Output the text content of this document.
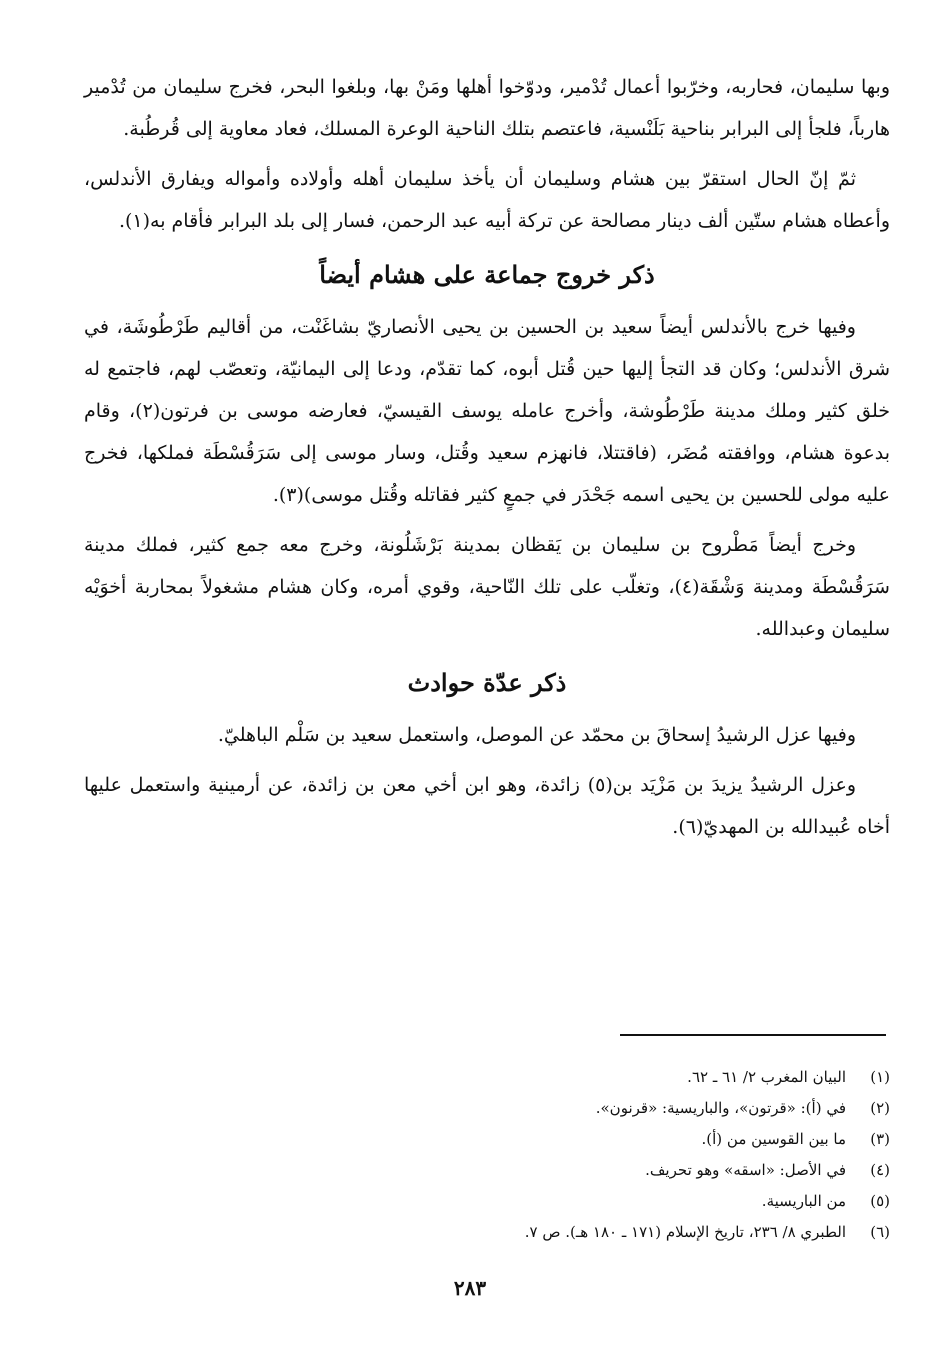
وبها سليمان، فحاربه، وخرّبوا أعمال تُدْمير، ودوّخوا أهلها ومَنْ بها، وبلغوا البحر، فخرج سليمان من تُدْمير هارباً، فلجأ إلى البرابر بناحية بَلَنْسية، فاعتصم بتلك الناحية الوعرة المسلك، فعاد معاوية إلى قُرطُبة.

ثمّ إنّ الحال استقرّ بين هشام وسليمان أن يأخذ سليمان أهله وأولاده وأمواله ويفارق الأندلس، وأعطاه هشام ستّين ألف دينار مصالحة عن تركة أبيه عبد الرحمن، فسار إلى بلد البرابر فأقام به(١).

ذكر خروج جماعة على هشام أيضاً

وفيها خرج بالأندلس أيضاً سعيد بن الحسين بن يحيى الأنصاريّ بشاغَنْت، من أقاليم طَرْطُوشَة، في شرق الأندلس؛ وكان قد التجأ إليها حين قُتل أبوه، كما تقدّم، ودعا إلى اليمانيّة، وتعصّب لهم، فاجتمع له خلق كثير وملك مدينة طَرْطُوشة، وأخرج عامله يوسف القيسيّ، فعارضه موسى بن فرتون(٢)، وقام بدعوة هشام، ووافقته مُضَر، (فاقتتلا، فانهزم سعيد وقُتل، وسار موسى إلى سَرَقُسْطَة فملكها، فخرج عليه مولى للحسين بن يحيى اسمه جَحْدَر في جمعٍ كثير فقاتله وقُتل موسى)(٣).

وخرج أيضاً مَطْروح بن سليمان بن يَقظان بمدينة بَرْشَلُونة، وخرج معه جمع كثير، فملك مدينة سَرَقُسْطَة ومدينة وَشْقَة(٤)، وتغلّب على تلك النّاحية، وقوي أمره، وكان هشام مشغولاً بمحاربة أخوَيْه سليمان وعبدالله.

ذكر عدّة حوادث

وفيها عزل الرشيدُ إسحاقَ بن محمّد عن الموصل، واستعمل سعيد بن سَلْم الباهليّ.

وعزل الرشيدُ يزيدَ بن مَزْيَد بن(٥) زائدة، وهو ابن أخي معن بن زائدة، عن أرمينية واستعمل عليها أخاه عُبيدالله بن المهديّ(٦).

(١)
البيان المغرب ٢/ ٦١ ـ ٦٢.
(٢)
في (أ): «قرتون»، والباريسية: «قرنون».
(٣)
ما بين القوسين من (أ).
(٤)
في الأصل: «اسقه» وهو تحريف.
(٥)
من الباريسية.
(٦)
الطبري ٨/ ٢٣٦، تاريخ الإسلام (١٧١ ـ ١٨٠ هـ). ص ٧.
٢٨٣
